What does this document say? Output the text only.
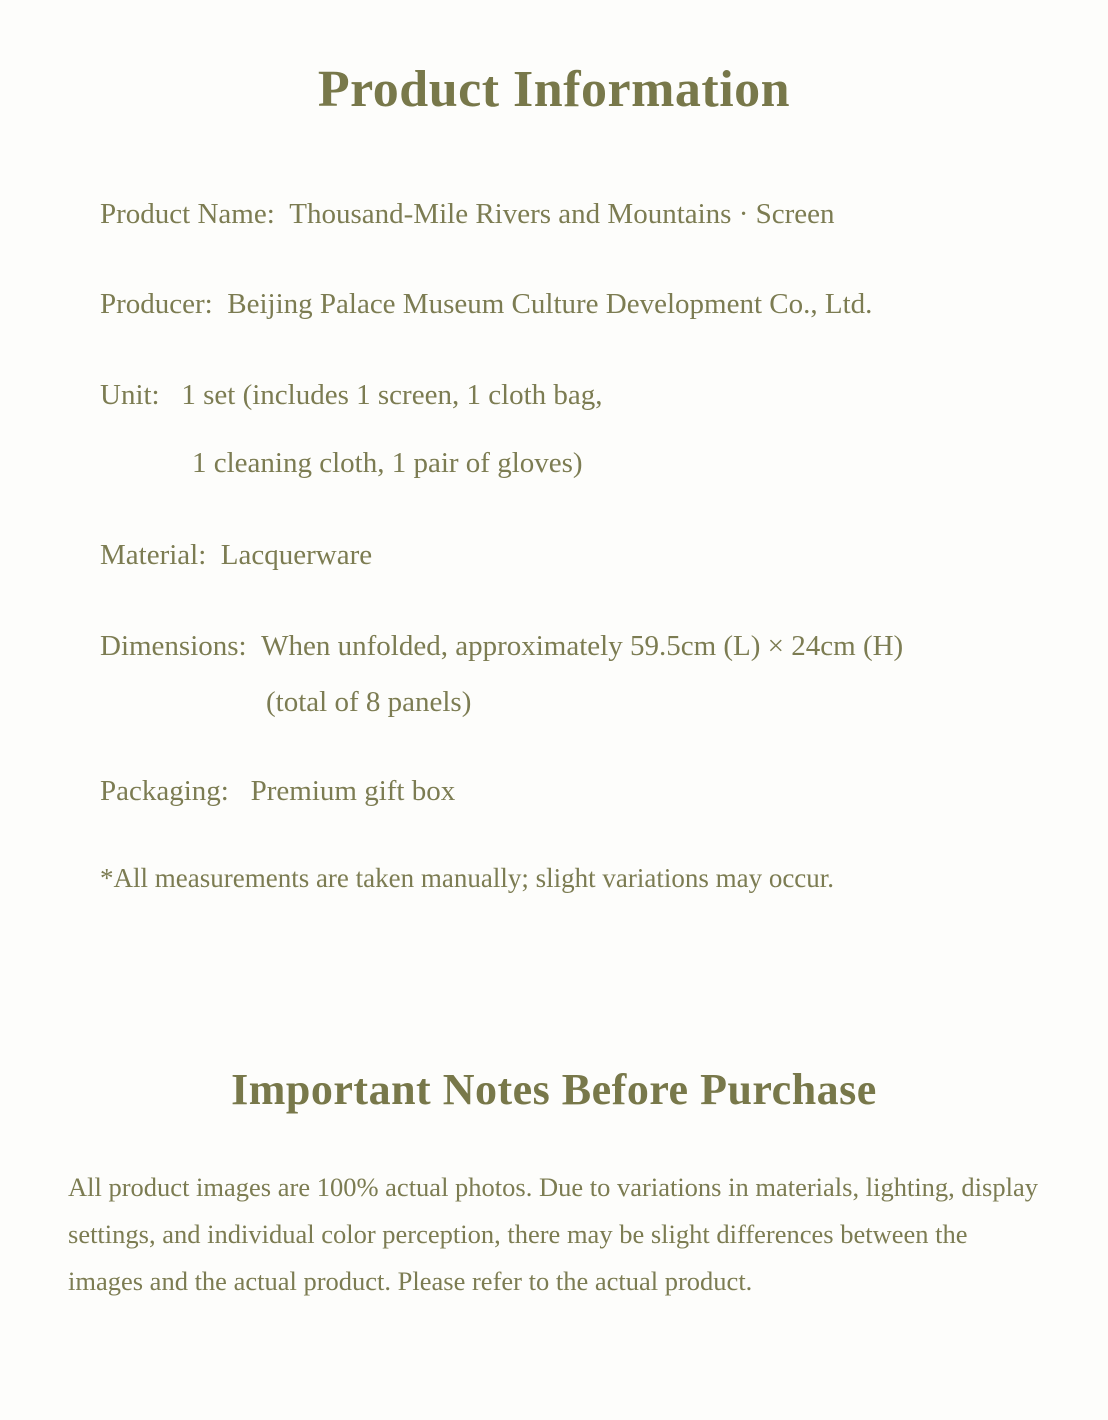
Product Information
Product Name: Thousand-Mile Rivers and Mountains · Screen
Producer: Beijing Palace Museum Culture Development Co., Ltd.
Unit: 1 set (includes 1 screen, 1 cloth bag,
1 cleaning cloth, 1 pair of gloves)
Material: Lacquerware
Dimensions: When unfolded, approximately 59.5cm (L) × 24cm (H)
(total of 8 panels)
Packaging: Premium gift box
*All measurements are taken manually; slight variations may occur.
Important Notes Before Purchase

All product images are 100% actual photos. Due to variations in materials, lighting, display settings, and individual color perception, there may be slight differences between the images and the actual product. Please refer to the actual product.
